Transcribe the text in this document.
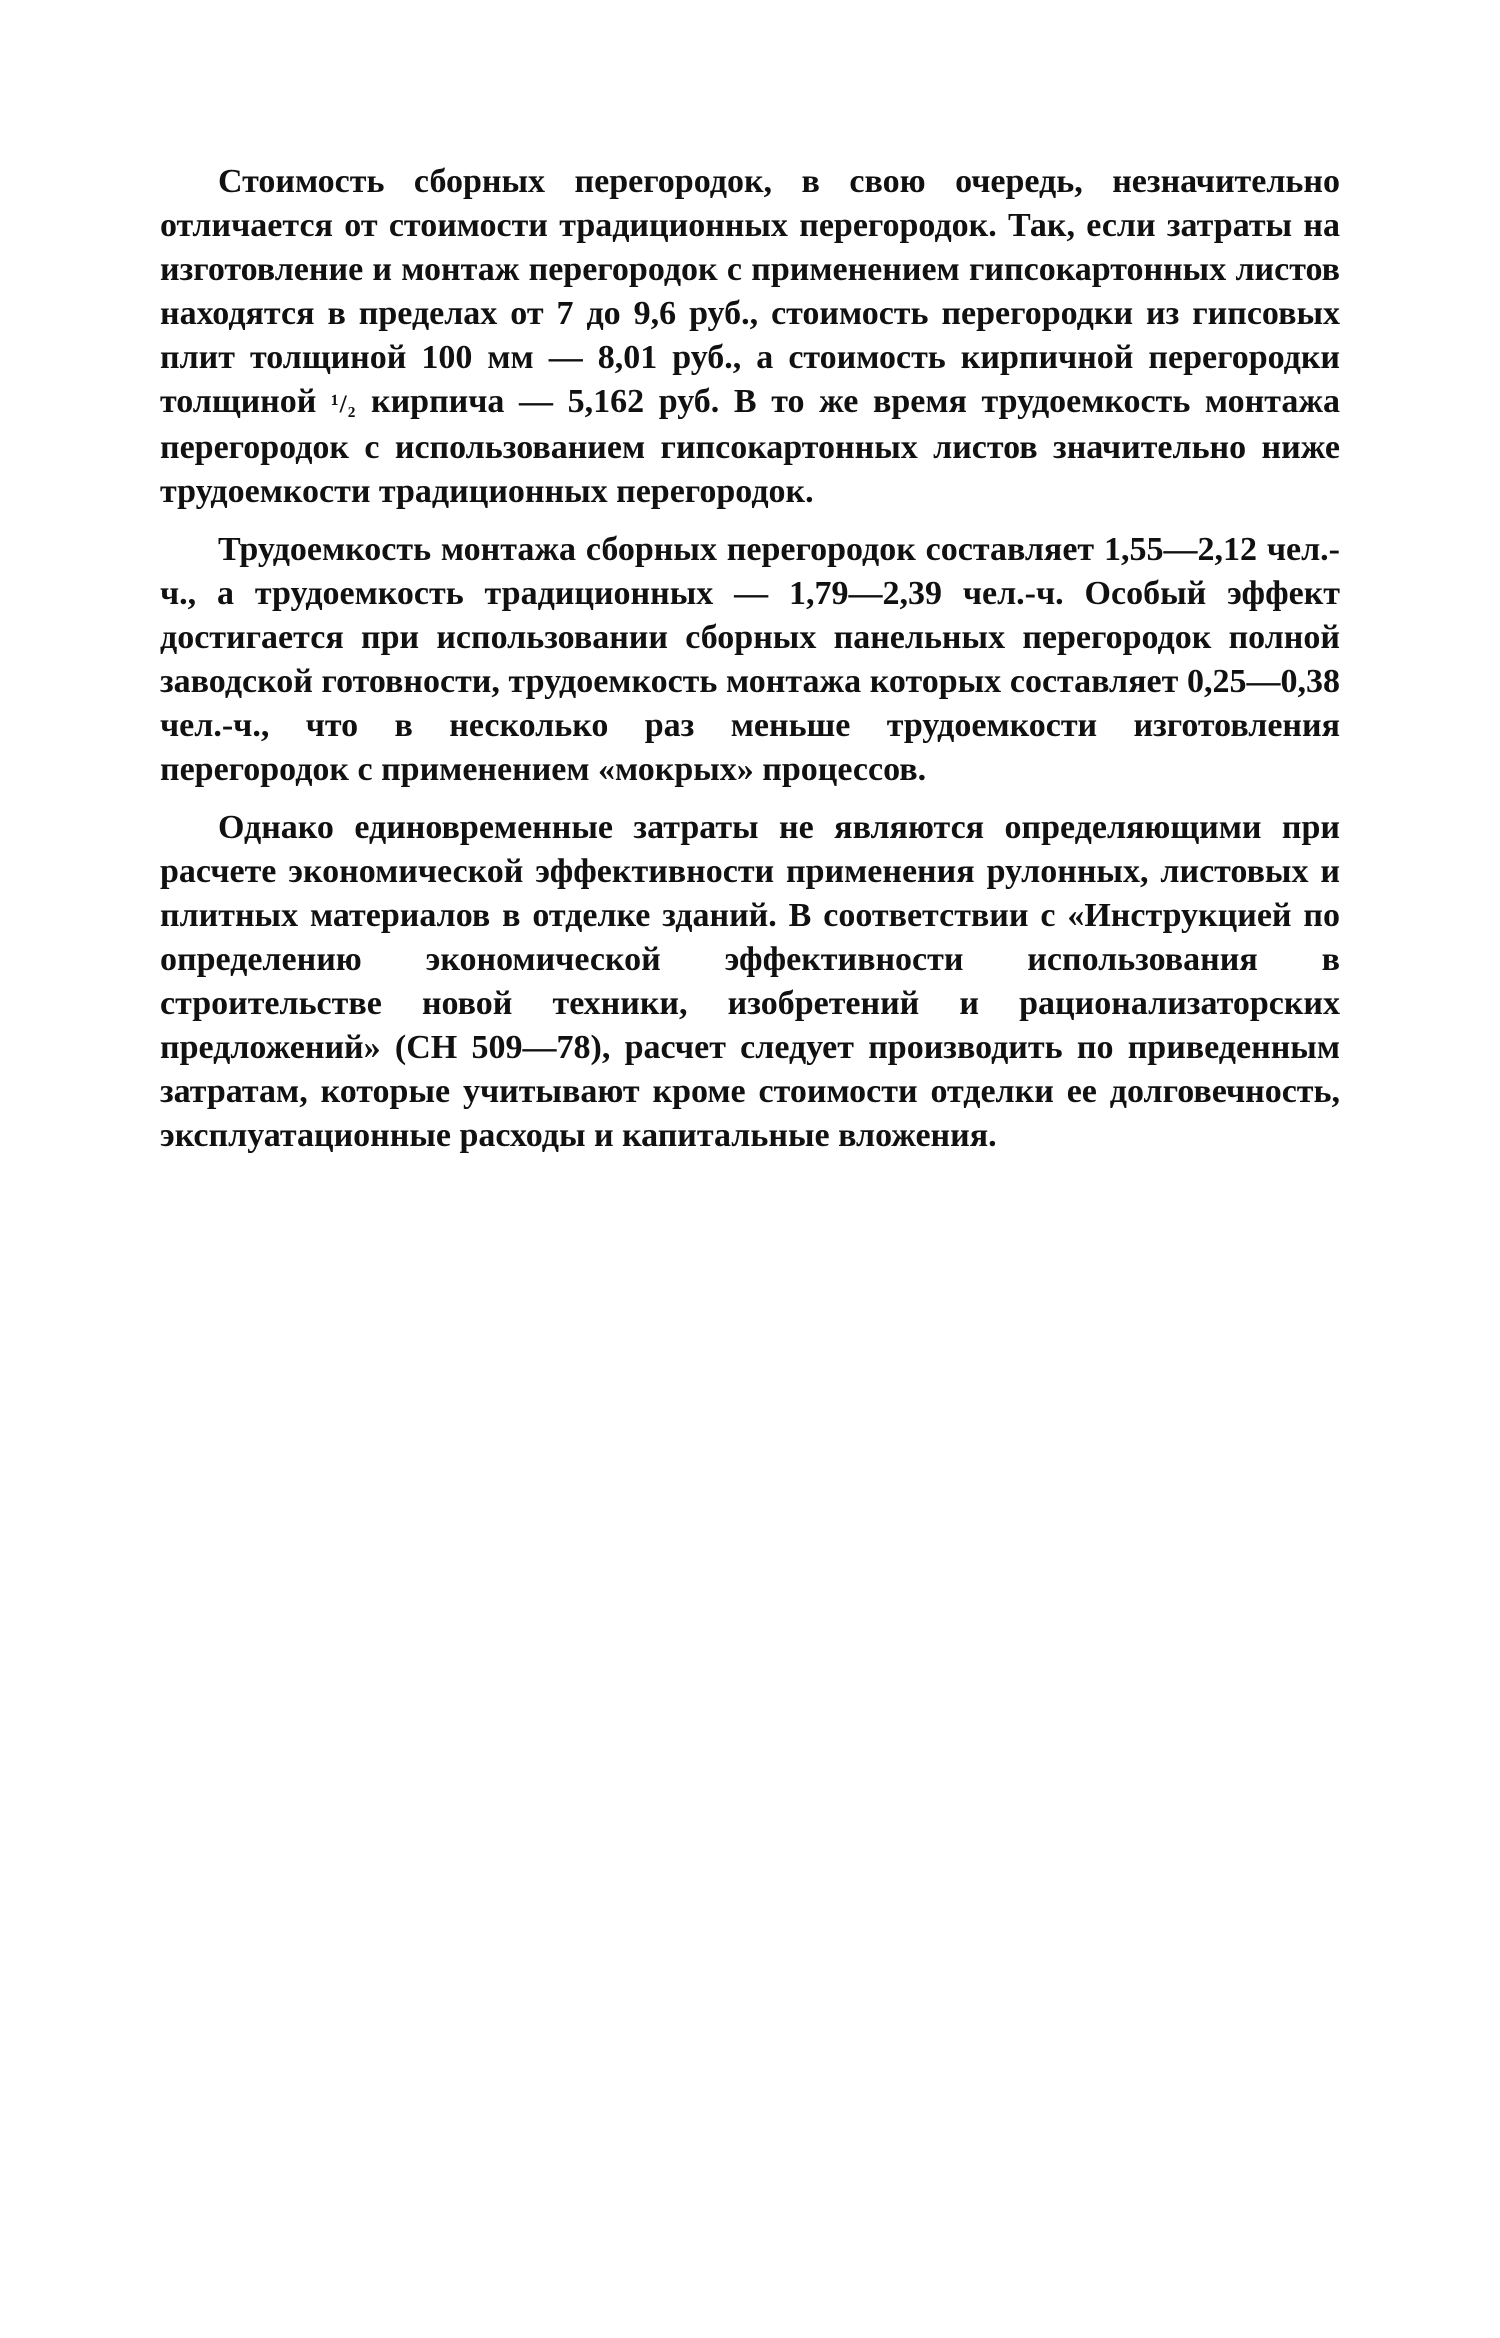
Стоимость сборных перегородок, в свою очередь, незначительно отличается от стоимости традиционных перегородок. Так, если затраты на изготовление и монтаж перегородок с применением гипсокартонных листов находятся в пределах от 7 до 9,6 руб., стоимость перегородки из гипсовых плит толщиной 100 мм — 8,01 руб., а стоимость кирпичной перегородки толщиной ¹/₂ кирпича — 5,162 руб. В то же время трудоемкость монтажа перегородок с использованием гипсокартонных листов значительно ниже трудоемкости традиционных перегородок.

Трудоемкость монтажа сборных перегородок составляет 1,55—2,12 чел.-ч., а трудоемкость традиционных — 1,79—2,39 чел.-ч. Особый эффект достигается при использовании сборных панельных перегородок полной заводской готовности, трудоемкость монтажа которых составляет 0,25—0,38 чел.-ч., что в несколько раз меньше трудоемкости изготовления перегородок с применением «мокрых» процессов.

Однако единовременные затраты не являются определяющими при расчете экономической эффективности применения рулонных, листовых и плитных материалов в отделке зданий. В соответствии с «Инструкцией по определению экономической эффективности использования в строительстве новой техники, изобретений и рационализаторских предложений» (СН 509—78), расчет следует производить по приведенным затратам, которые учитывают кроме стоимости отделки ее долговечность, эксплуатационные расходы и капитальные вложения.
